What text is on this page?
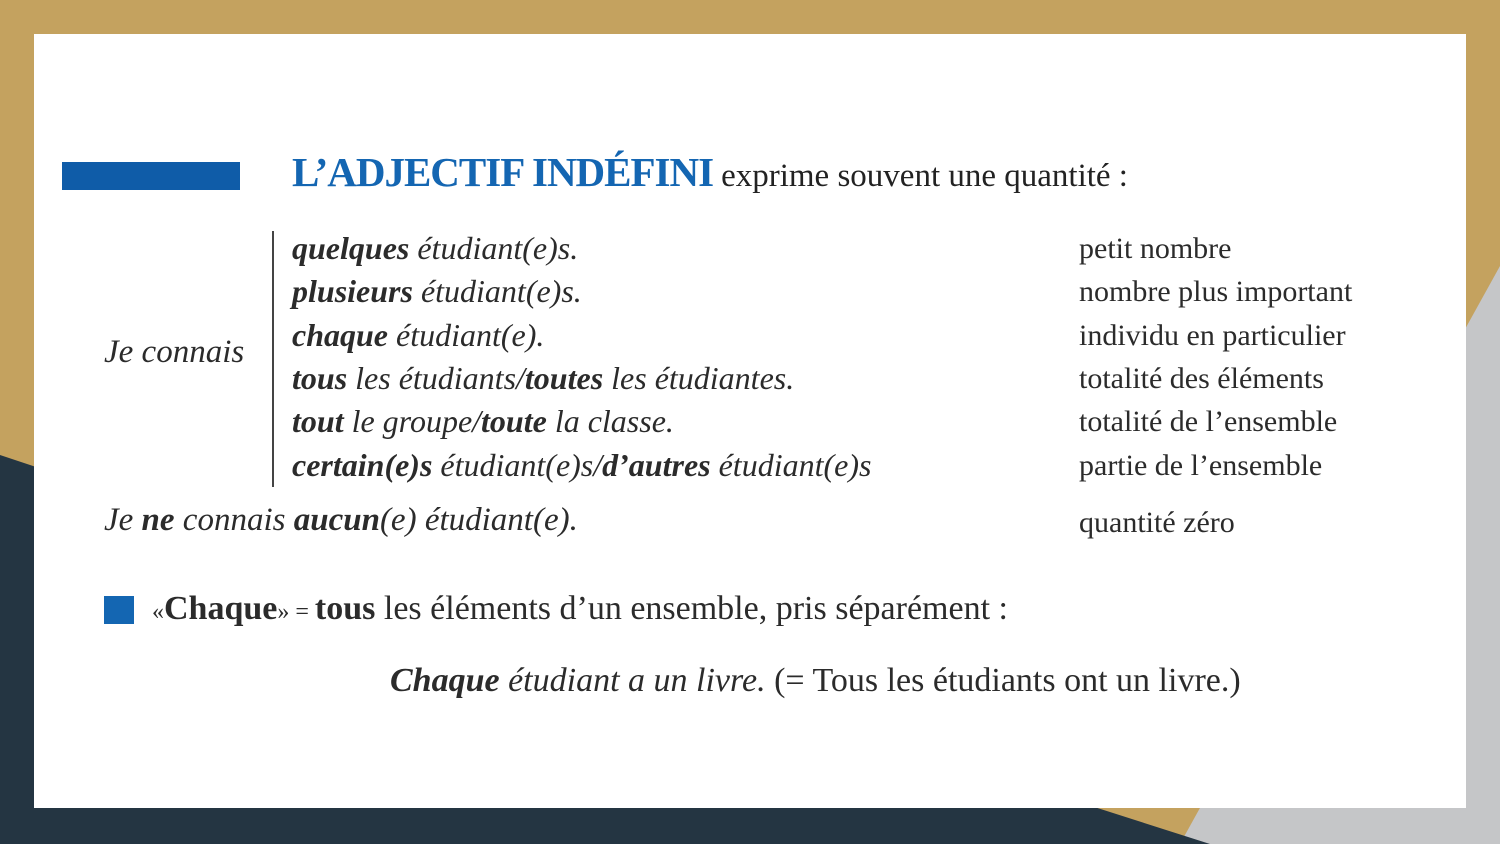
L’ADJECTIF INDÉFINI exprime souvent une quantité :
Je connais
quelques étudiant(e)s.	petit nombre
plusieurs étudiant(e)s.	nombre plus important
chaque étudiant(e).	individu en particulier
tous les étudiants/toutes les étudiantes.	totalité des éléments
tout le groupe/toute la classe.	totalité de l’ensemble
certain(e)s étudiant(e)s/d’autres étudiant(e)s	partie de l’ensemble
Je ne connais aucun(e) étudiant(e).	quantité zéro
«Chaque» = tous les éléments d’un ensemble, pris séparément :
Chaque étudiant a un livre. (= Tous les étudiants ont un livre.)
